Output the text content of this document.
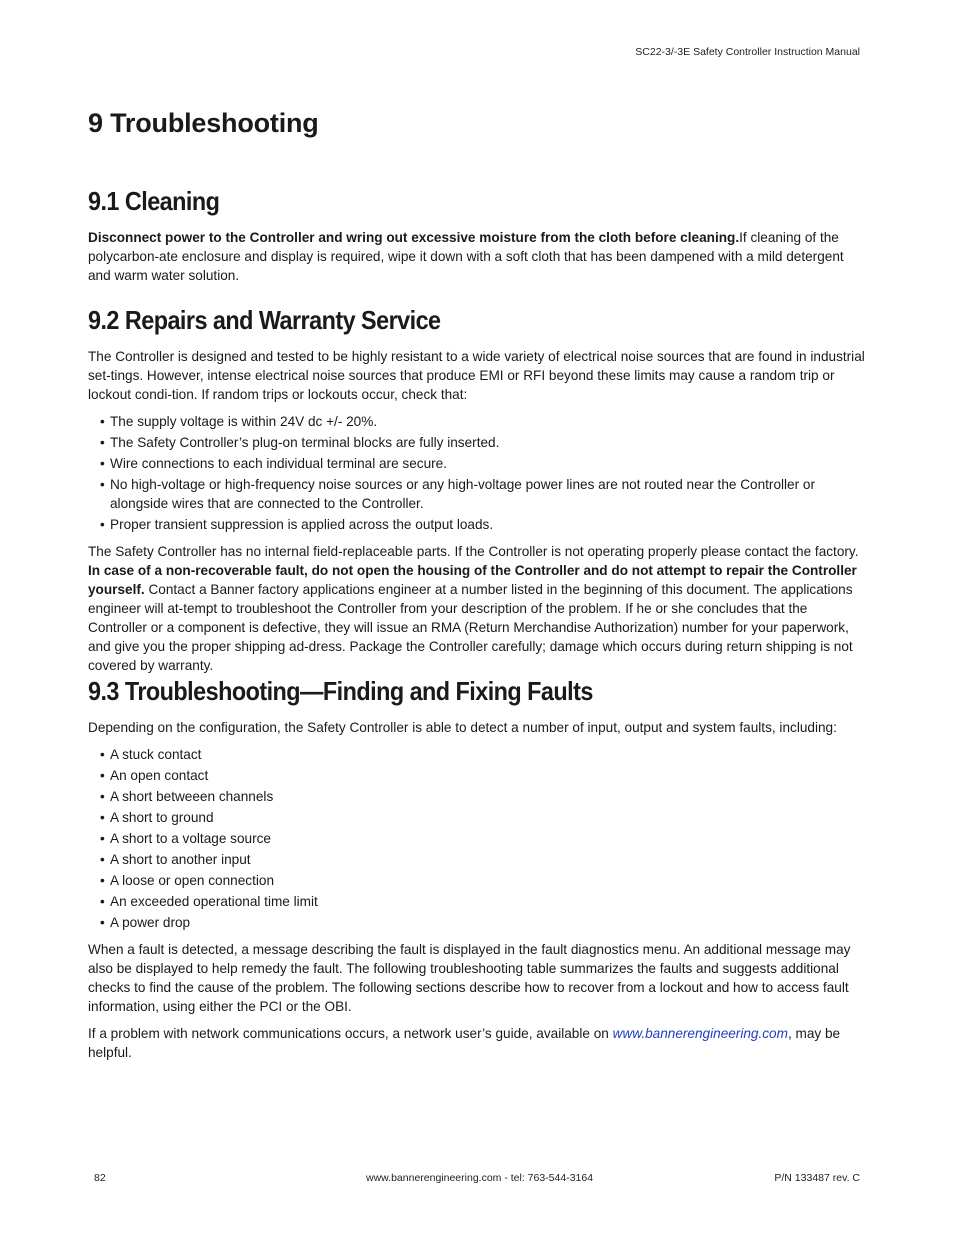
SC22-3/-3E Safety Controller Instruction Manual
9 Troubleshooting
9.1 Cleaning

Disconnect power to the Controller and wring out excessive moisture from the cloth before cleaning.If cleaning of the polycarbon-ate enclosure and display is required, wipe it down with a soft cloth that has been dampened with a mild detergent and warm water solution.

9.2 Repairs and Warranty Service

The Controller is designed and tested to be highly resistant to a wide variety of electrical noise sources that are found in industrial set-tings. However, intense electrical noise sources that produce EMI or RFI beyond these limits may cause a random trip or lockout condi-tion. If random trips or lockouts occur, check that:

• The supply voltage is within 24V dc +/- 20%.
• The Safety Controller’s plug-on terminal blocks are fully inserted.
• Wire connections to each individual terminal are secure.
• No high-voltage or high-frequency noise sources or any high-voltage power lines are not routed near the Controller or alongside wires that are connected to the Controller.
• Proper transient suppression is applied across the output loads.

The Safety Controller has no internal field-replaceable parts. If the Controller is not operating properly please contact the factory. In case of a non-recoverable fault, do not open the housing of the Controller and do not attempt to repair the Controller yourself. Contact a Banner factory applications engineer at a number listed in the beginning of this document. The applications engineer will at-tempt to troubleshoot the Controller from your description of the problem. If he or she concludes that the Controller or a component is defective, they will issue an RMA (Return Merchandise Authorization) number for your paperwork, and give you the proper shipping ad-dress. Package the Controller carefully; damage which occurs during return shipping is not covered by warranty.

9.3 Troubleshooting—Finding and Fixing Faults

Depending on the configuration, the Safety Controller is able to detect a number of input, output and system faults, including:

• A stuck contact
• An open contact
• A short betweeen channels
• A short to ground
• A short to a voltage source
• A short to another input
• A loose or open connection
• An exceeded operational time limit
• A power drop

When a fault is detected, a message describing the fault is displayed in the fault diagnostics menu. An additional message may also be displayed to help remedy the fault. The following troubleshooting table summarizes the faults and suggests additional checks to find the cause of the problem. The following sections describe how to recover from a lockout and how to access fault information, using either the PCI or the OBI.

If a problem with network communications occurs, a network user’s guide, available on www.bannerengineering.com, may be helpful.

82	www.bannerengineering.com - tel: 763-544-3164	P/N 133487 rev. C
